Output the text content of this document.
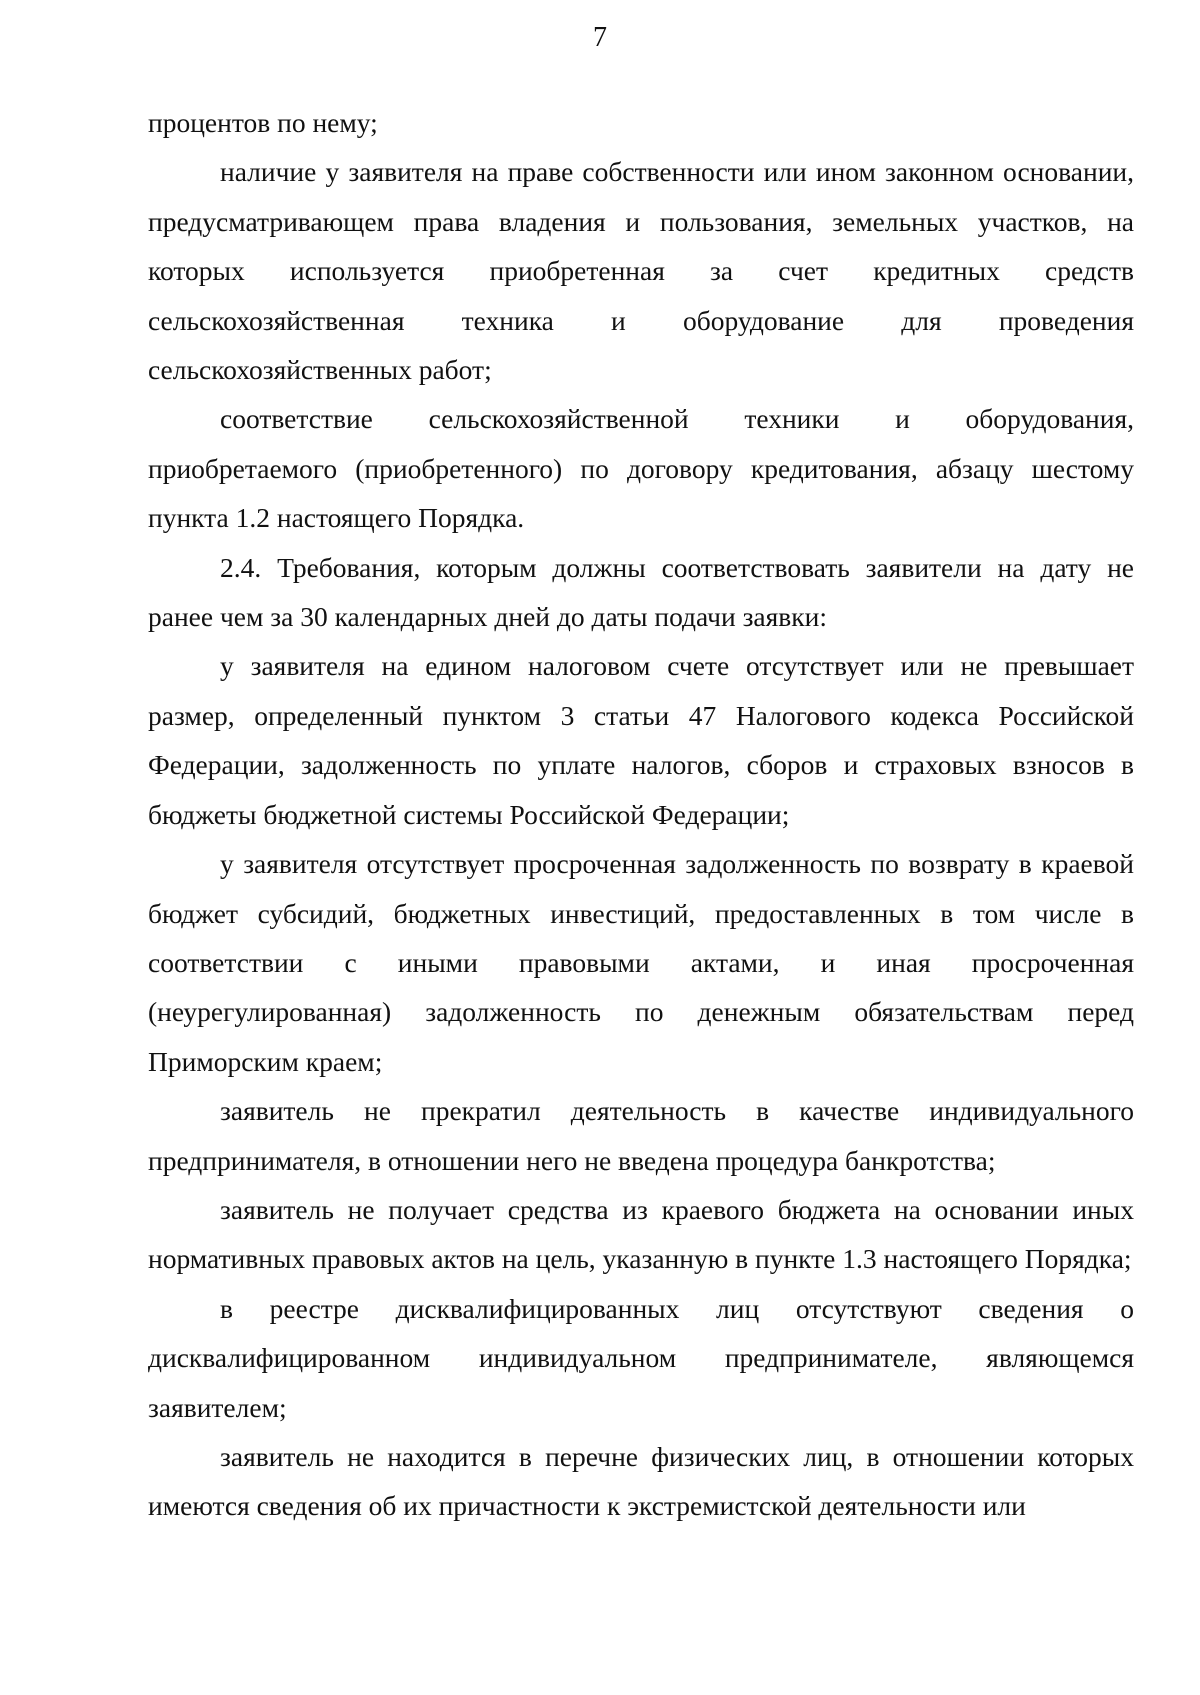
7

процентов по нему;

наличие у заявителя на праве собственности или ином законном основании, предусматривающем права владения и пользования, земельных участков, на которых используется приобретенная за счет кредитных средств сельскохозяйственная техника и оборудование для проведения сельскохозяйственных работ;

соответствие сельскохозяйственной техники и оборудования, приобретаемого (приобретенного) по договору кредитования, абзацу шестому пункта 1.2 настоящего Порядка.

2.4. Требования, которым должны соответствовать заявители на дату не ранее чем за 30 календарных дней до даты подачи заявки:

у заявителя на едином налоговом счете отсутствует или не превышает размер, определенный пунктом 3 статьи 47 Налогового кодекса Российской Федерации, задолженность по уплате налогов, сборов и страховых взносов в бюджеты бюджетной системы Российской Федерации;

у заявителя отсутствует просроченная задолженность по возврату в краевой бюджет субсидий, бюджетных инвестиций, предоставленных в том числе в соответствии с иными правовыми актами, и иная просроченная (неурегулированная) задолженность по денежным обязательствам перед Приморским краем;

заявитель не прекратил деятельность в качестве индивидуального предпринимателя, в отношении него не введена процедура банкротства;

заявитель не получает средства из краевого бюджета на основании иных нормативных правовых актов на цель, указанную в пункте 1.3 настоящего Порядка;

в реестре дисквалифицированных лиц отсутствуют сведения о дисквалифицированном индивидуальном предпринимателе, являющемся заявителем;

заявитель не находится в перечне физических лиц, в отношении которых имеются сведения об их причастности к экстремистской деятельности или
